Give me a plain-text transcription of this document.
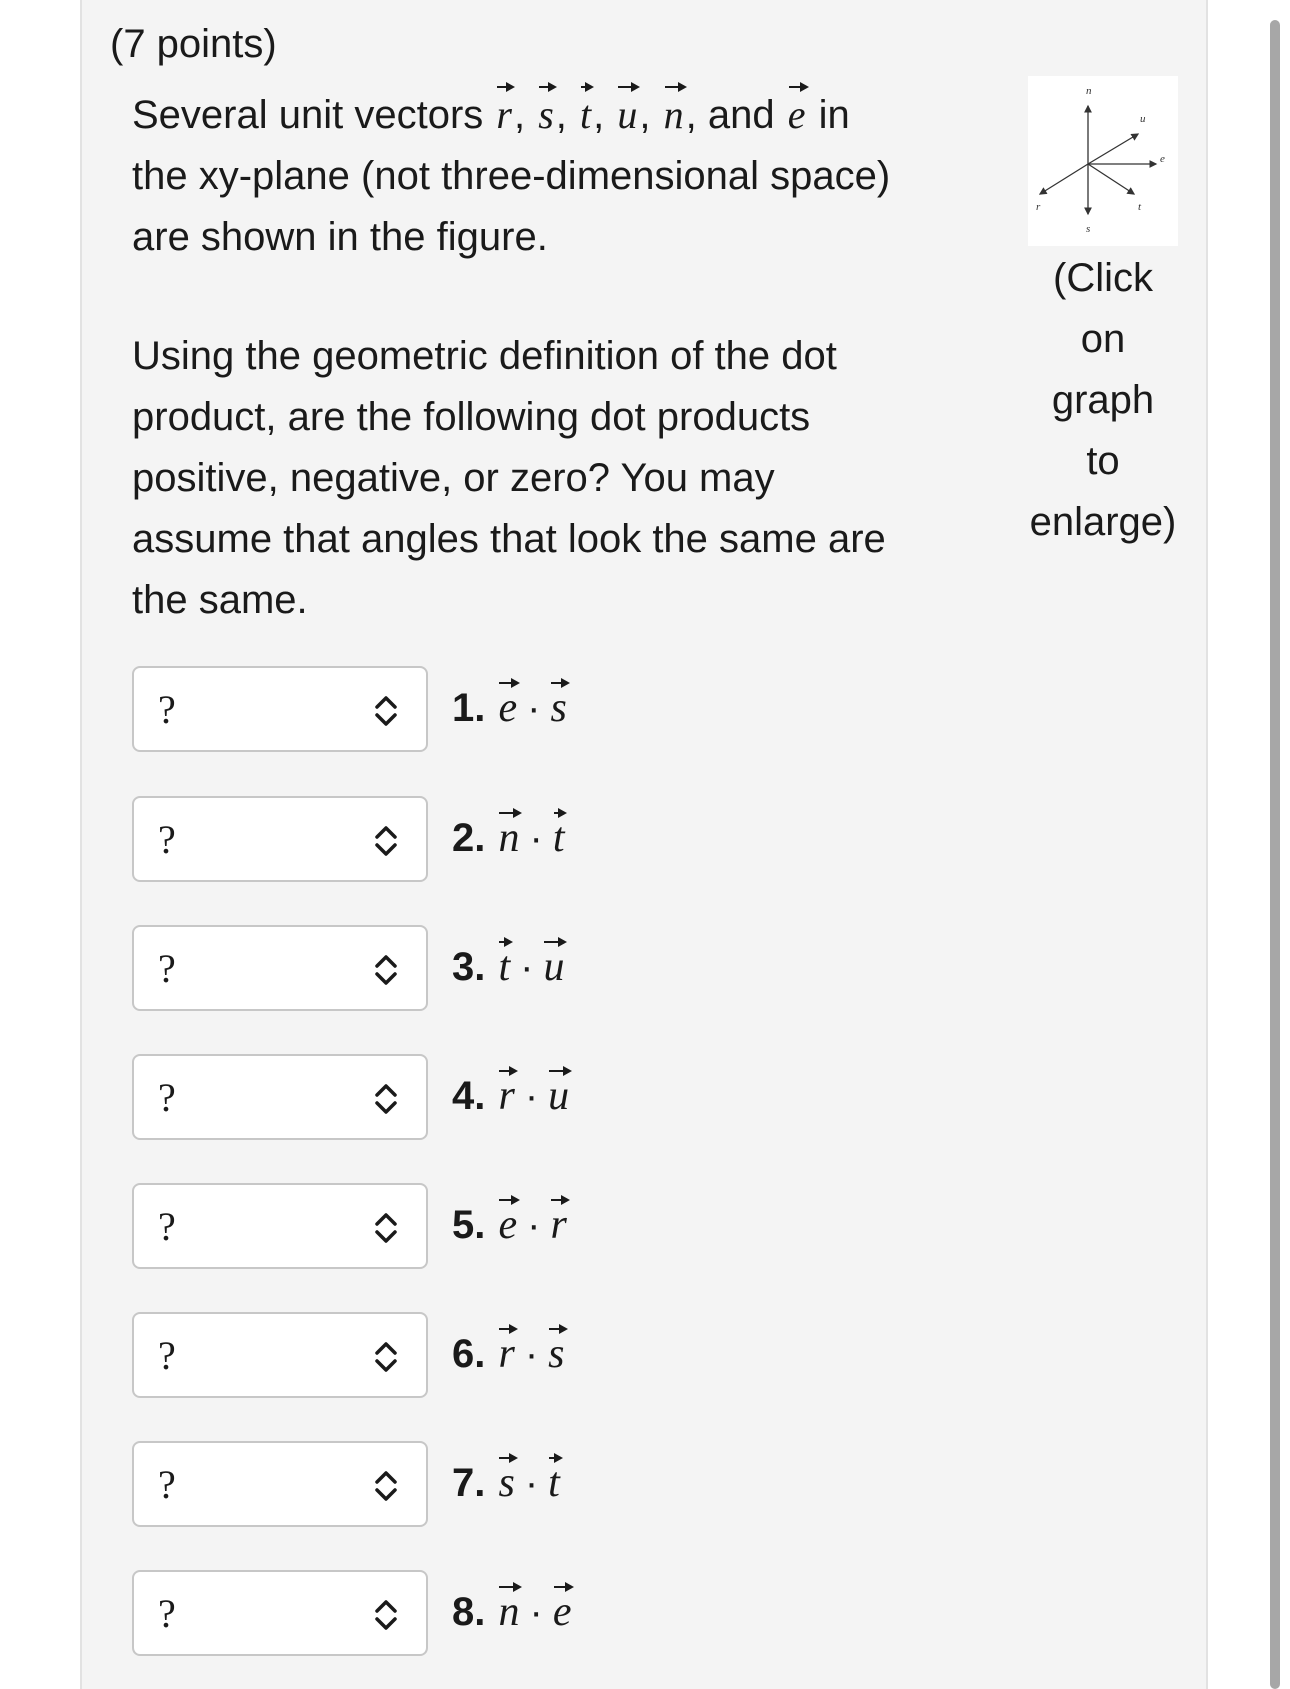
(7 points)
Several unit vectors r, s, t, u, n, and e in the xy-plane (not three-dimensional space) are shown in the figure.
Using the geometric definition of the dot product, are the following dot products positive, negative, or zero? You may assume that angles that look the same are the same.
n
u
e
r
s
t
(Click
on
graph
to
enlarge)
?	1. e · s
?	2. n · t
?	3. t · u
?	4. r · u
?	5. e · r
?	6. r · s
?	7. s · t
?	8. n · e
